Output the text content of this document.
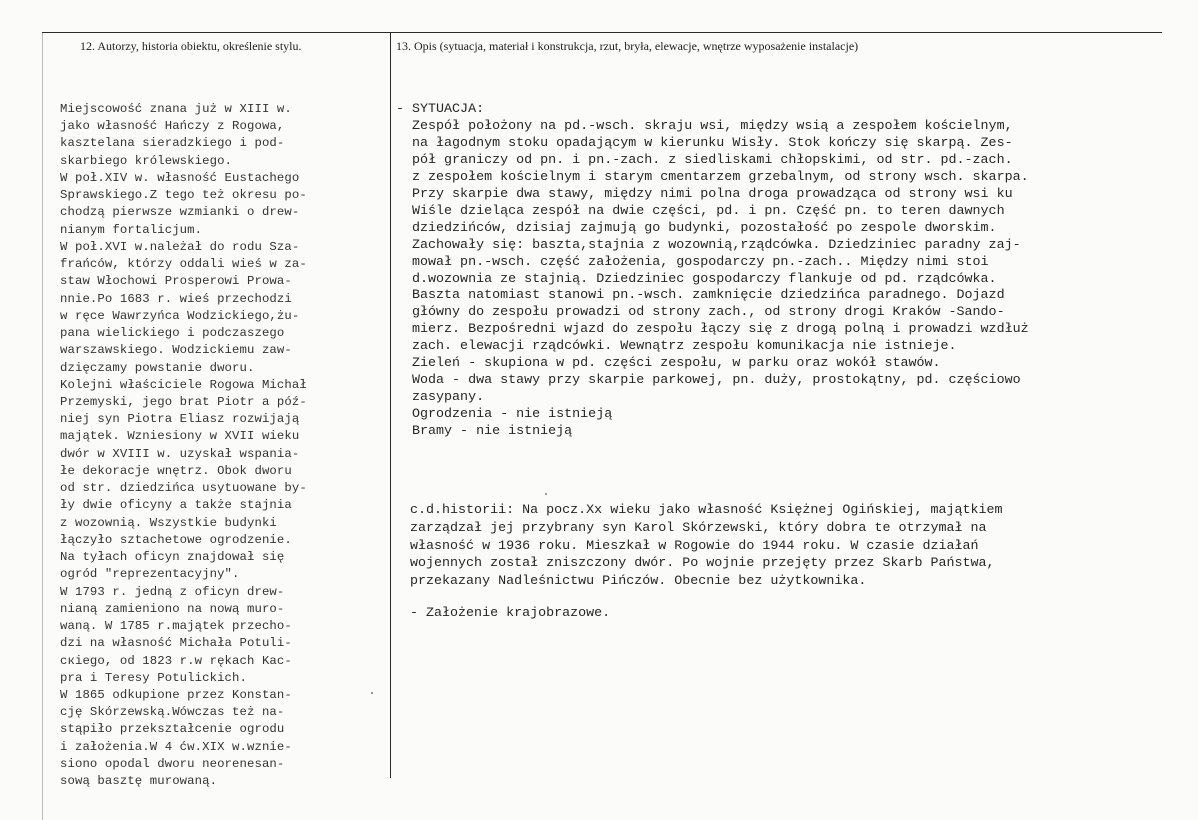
12. Autorzy, historia obiektu, określenie stylu.	13. Opis (sytuacja, materiał i konstrukcja, rzut, bryła, elewacje, wnętrze wyposażenie instalacje)
Miejscowość znana już w XIII w.
jako własność Hańczy z Rogowa,
kasztelana sieradzkiego i pod-
skarbiego królewskiego.
W poł.XIV w. własność Eustachego
Sprawskiego.Z tego też okresu po-
chodzą pierwsze wzmianki o drew-
nianym fortalicjum.
W poł.XVI w.należał do rodu Sza-
frańców, którzy oddali wieś w za-
staw Włochowi Prosperowi Prowa-
nnie.Po 1683 r. wieś przechodzi
w ręce Wawrzyńca Wodzickiego,żu-
pana wielickiego i podczaszego
warszawskiego. Wodzickiemu zaw-
dzięczamy powstanie dworu.
Kolejni właściciele Rogowa Michał
Przemyski, jego brat Piotr a póź-
niej syn Piotra Eliasz rozwijają
majątek. Wzniesiony w XVII wieku
dwór w XVIII w. uzyskał wspania-
łe dekoracje wnętrz. Obok dworu
od str. dziedzińca usytuowane by-
ły dwie oficyny a także stajnia
z wozownią. Wszystkie budynki
łączyło sztachetowe ogrodzenie.
Na tyłach oficyn znajdował się
ogród "reprezentacyjny".
W 1793 r. jedną z oficyn drew-
nianą zamieniono na nową muro-
waną. W 1785 r.majątek przecho-
dzi na własność Michała Potuli-
cкiego, od 1823 r.w rękach Kac-
pra i Teresy Potulickich.
W 1865 odkupione przez Konstan-
cję Skórzewską.Wówczas też na-
stąpiło przekształcenie ogrodu
i założenia.W 4 ćw.XIX w.wznie-
siono opodal dworu neorenesan-
sową basztę murowaną.
- SYTUACJA:
Zespół położony na pd.-wsch. skraju wsi, między wsią a zespołem kościelnym,
na łagodnym stoku opadającym w kierunku Wisły. Stok kończy się skarpą. Zes-
pół graniczy od pn. i pn.-zach. z siedliskami chłopskimi, od str. pd.-zach.
z zespołem kościelnym i starym cmentarzem grzebalnym, od strony wsch. skarpa.
Przy skarpie dwa stawy, między nimi polna droga prowadząca od strony wsi ku
Wiśle dzieląca zespół na dwie części, pd. i pn. Część pn. to teren dawnych
dziedzińców, dzisiaj zajmują go budynki, pozostałość po zespole dworskim.
Zachowały się: baszta,stajnia z wozownią,rządcówka. Dziedziniec paradny zaj-
mował pn.-wsch. część założenia, gospodarczy pn.-zach.. Między nimi stoi
d.wozownia ze stajnią. Dziedziniec gospodarczy flankuje od pd. rządcówka.
Baszta natomiast stanowi pn.-wsch. zamknięcie dziedzińca paradnego. Dojazd
główny do zespołu prowadzi od strony zach., od strony drogi Kraków -Sando-
mierz. Bezpośredni wjazd do zespołu łączy się z drogą polną i prowadzi wzdłuż
zach. elewacji rządcówki. Wewnątrz zespołu komunikacja nie istnieje.
Zieleń - skupiona w pd. części zespołu, w parku oraz wokół stawów.
Woda - dwa stawy przy skarpie parkowej, pn. duży, prostokątny, pd. częściowo
zasypany.
Ogrodzenia - nie istnieją
Bramy - nie istnieją
c.d.historii: Na pocz.Xx wieku jako własność Księżnej Ogińskiej, majątkiem
zarządzał jej przybrany syn Karol Skórzewski, który dobra te otrzymał na
własność w 1936 roku. Mieszkał w Rogowie do 1944 roku. W czasie działań
wojennych został zniszczony dwór. Po wojnie przejęty przez Skarb Państwa,
przekazany Nadleśnictwu Pińczów. Obecnie bez użytkownika.
- Założenie krajobrazowe.
